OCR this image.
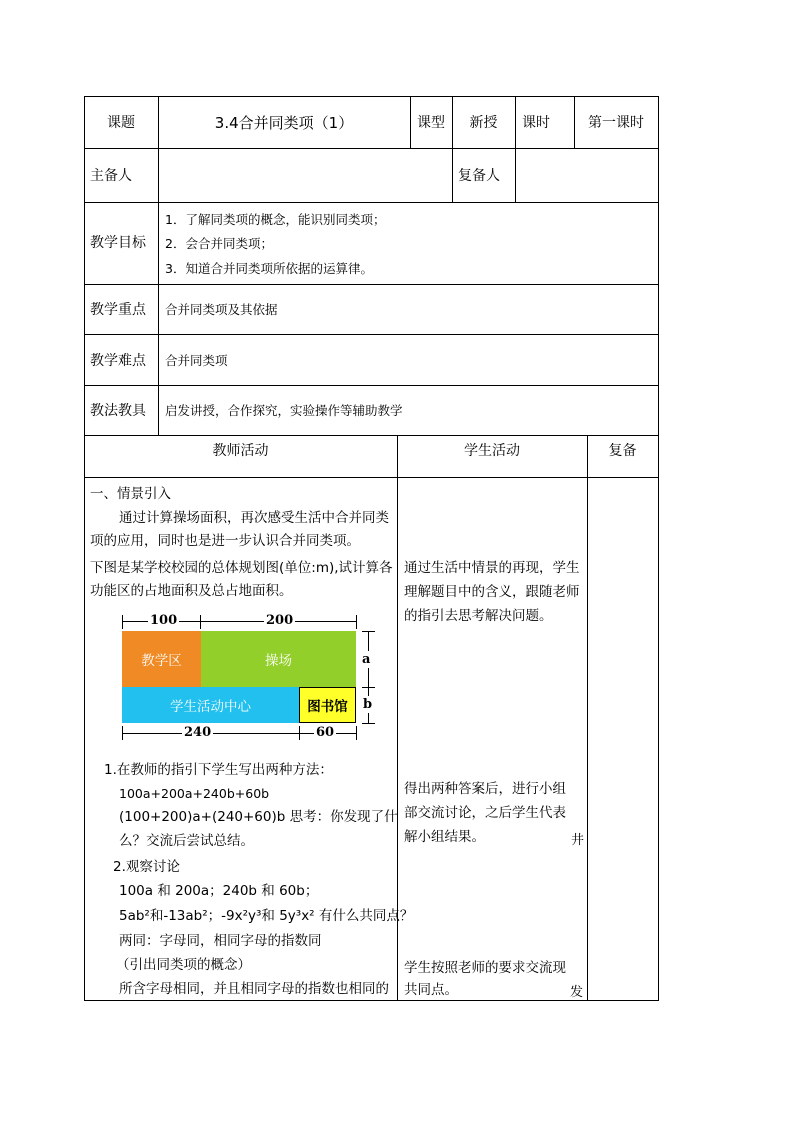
课题	3.4合并同类项（1）	课型	新授	课时	第一课时
主备人	复备人
教学目标
1．了解同类项的概念，能识别同类项；
2．会合并同类项；
3．知道合并同类项所依据的运算律。
教学重点 合并同类项及其依据
教学难点 合并同类项
教法教具 启发讲授，合作探究，实验操作等辅助教学
教师活动	学生活动	复备
一、情景引入
通过计算操场面积，再次感受生活中合并同类
项的应用，同时也是进一步认识合并同类项。
下图是某学校校园的总体规划图(单位:m),试计算各
功能区的占地面积及总占地面积。
100	200
教学区	操场
学生活动中心	图书馆
a
b
240	60
1.在教师的指引下学生写出两种方法：
100a+200a+240b+60b
(100+200)a+(240+60)b 思考：你发现了什
么？交流后尝试总结。
2.观察讨论
100a 和 200a；240b 和 60b；
5ab²和-13ab²；-9x²y³和 5y³x² 有什么共同点？
两同：字母同，相同字母的指数同
（引出同类项的概念）
所含字母相同，并且相同字母的指数也相同的
通过生活中情景的再现，学生
理解题目中的含义，跟随老师
的指引去思考解决问题。
得出两种答案后，进行小组
部交流讨论，之后学生代表
解小组结果。	井
学生按照老师的要求交流现
共同点。	发
